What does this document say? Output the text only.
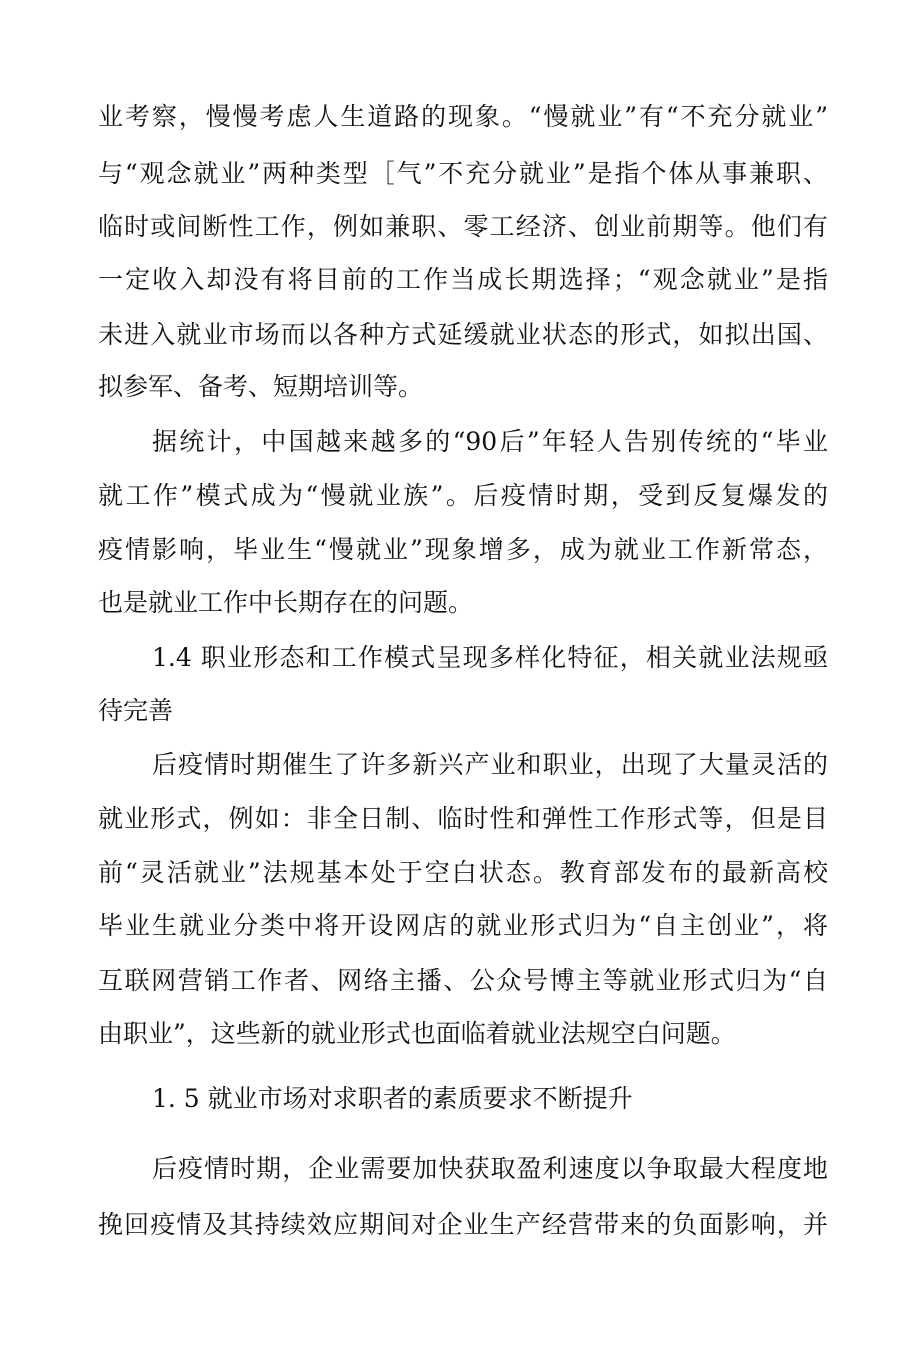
业考察，慢慢考虑人生道路的现象。“慢就业”有“不充分就业”
与“观念就业”两种类型［气”不充分就业”是指个体从事兼职、
临时或间断性工作，例如兼职、零工经济、创业前期等。他们有
一定收入却没有将目前的工作当成长期选择；“观念就业”是指
未进入就业市场而以各种方式延缓就业状态的形式，如拟出国、
拟参军、备考、短期培训等。
据统计，中国越来越多的“90后”年轻人告别传统的“毕业
就工作”模式成为“慢就业族”。后疫情时期，受到反复爆发的
疫情影响，毕业生“慢就业”现象增多，成为就业工作新常态，
也是就业工作中长期存在的问题。
1.4 职业形态和工作模式呈现多样化特征，相关就业法规亟
待完善
后疫情时期催生了许多新兴产业和职业，出现了大量灵活的
就业形式，例如：非全日制、临时性和弹性工作形式等，但是目
前“灵活就业”法规基本处于空白状态。教育部发布的最新高校
毕业生就业分类中将开设网店的就业形式归为“自主创业”，将
互联网营销工作者、网络主播、公众号博主等就业形式归为“自
由职业”，这些新的就业形式也面临着就业法规空白问题。
1. 5 就业市场对求职者的素质要求不断提升
后疫情时期，企业需要加快获取盈利速度以争取最大程度地
挽回疫情及其持续效应期间对企业生产经营带来的负面影响，并
